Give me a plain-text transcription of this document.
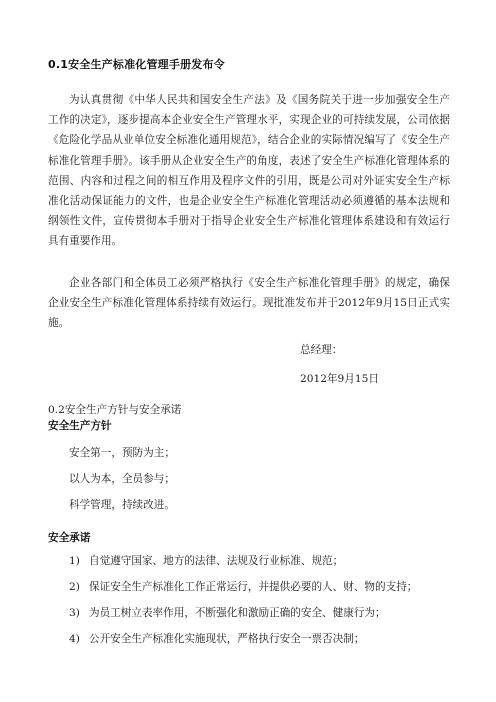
0.1安全生产标准化管理手册发布令

为认真贯彻《中华人民共和国安全生产法》及《国务院关于进一步加强安全生产工作的决定》，逐步提高本企业安全生产管理水平，实现企业的可持续发展，公司依据《危险化学品从业单位安全标准化通用规范》，结合企业的实际情况编写了《安全生产标准化管理手册》。该手册从企业安全生产的角度，表述了安全生产标准化管理体系的范围、内容和过程之间的相互作用及程序文件的引用，既是公司对外证实安全生产标准化活动保证能力的文件，也是企业安全生产标准化管理活动必须遵循的基本法规和纲领性文件，宣传贯彻本手册对于指导企业安全生产标准化管理体系建设和有效运行具有重要作用。

企业各部门和全体员工必须严格执行《安全生产标准化管理手册》的规定，确保企业安全生产标准化管理体系持续有效运行。现批准发布并于2012年9月15日正式实施。

总经理：
2012年9月15日
0.2安全生产方针与安全承诺
安全生产方针
安全第一，预防为主；
以人为本，全员参与；
科学管理，持续改进。
安全承诺
1) 自觉遵守国家、地方的法律、法规及行业标准、规范；
2) 保证安全生产标准化工作正常运行，并提供必要的人、财、物的支持；
3) 为员工树立表率作用，不断强化和激励正确的安全、健康行为；
4) 公开安全生产标准化实施现状，严格执行安全一票否决制；
